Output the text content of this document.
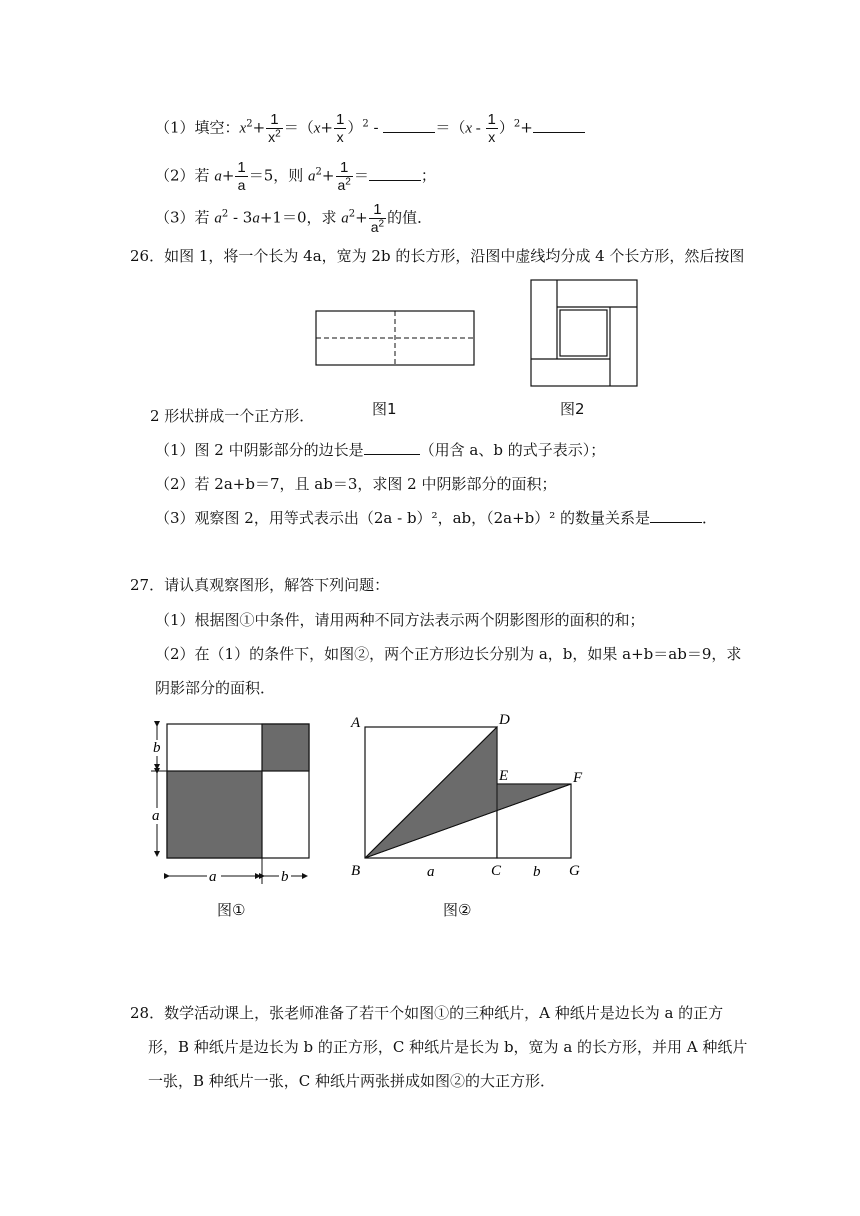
（1）填空：$x^2+ \frac{1}{x^2} =(x+ \frac{1}{x} )^2$ -	$=(x - \frac{1}{x} )^2+$
（2）若 $a+ \frac{1}{a} =5$，则 $a^2+ \frac{1}{a^2}$ ＝	；
（3）若 $a^2 - 3a+1=0$，求 $a^2+ \frac{1}{a^2}$ 的值．
26．如图 1，将一个长为 4a，宽为 2b 的长方形，沿图中虚线均分成 4 个长方形，然后按图
2 形状拼成一个正方形．	图1	图2
（1）图 2 中阴影部分的边长是	（用含 a、b 的式子表示）；
（2）若 2a+b＝7，且 ab＝3，求图 2 中阴影部分的面积；
（3）观察图 2，用等式表示出（2a - b）²，ab，（2a+b）² 的数量关系是	．
27．请认真观察图形，解答下列问题：
（1）根据图①中条件，请用两种不同方法表示两个阴影图形的面积的和；
（2）在（1）的条件下，如图②，两个正方形边长分别为 a，b，如果 a+b＝ab＝9，求
阴影部分的面积．
b
a
a	b
A	D
E	F
B	a	C b G
图①	图②
28．数学活动课上，张老师准备了若干个如图①的三种纸片，A 种纸片是边长为 a 的正方
形，B 种纸片是边长为 b 的正方形，C 种纸片是长为 b，宽为 a 的长方形，并用 A 种纸片
一张，B 种纸片一张，C 种纸片两张拼成如图②的大正方形．
